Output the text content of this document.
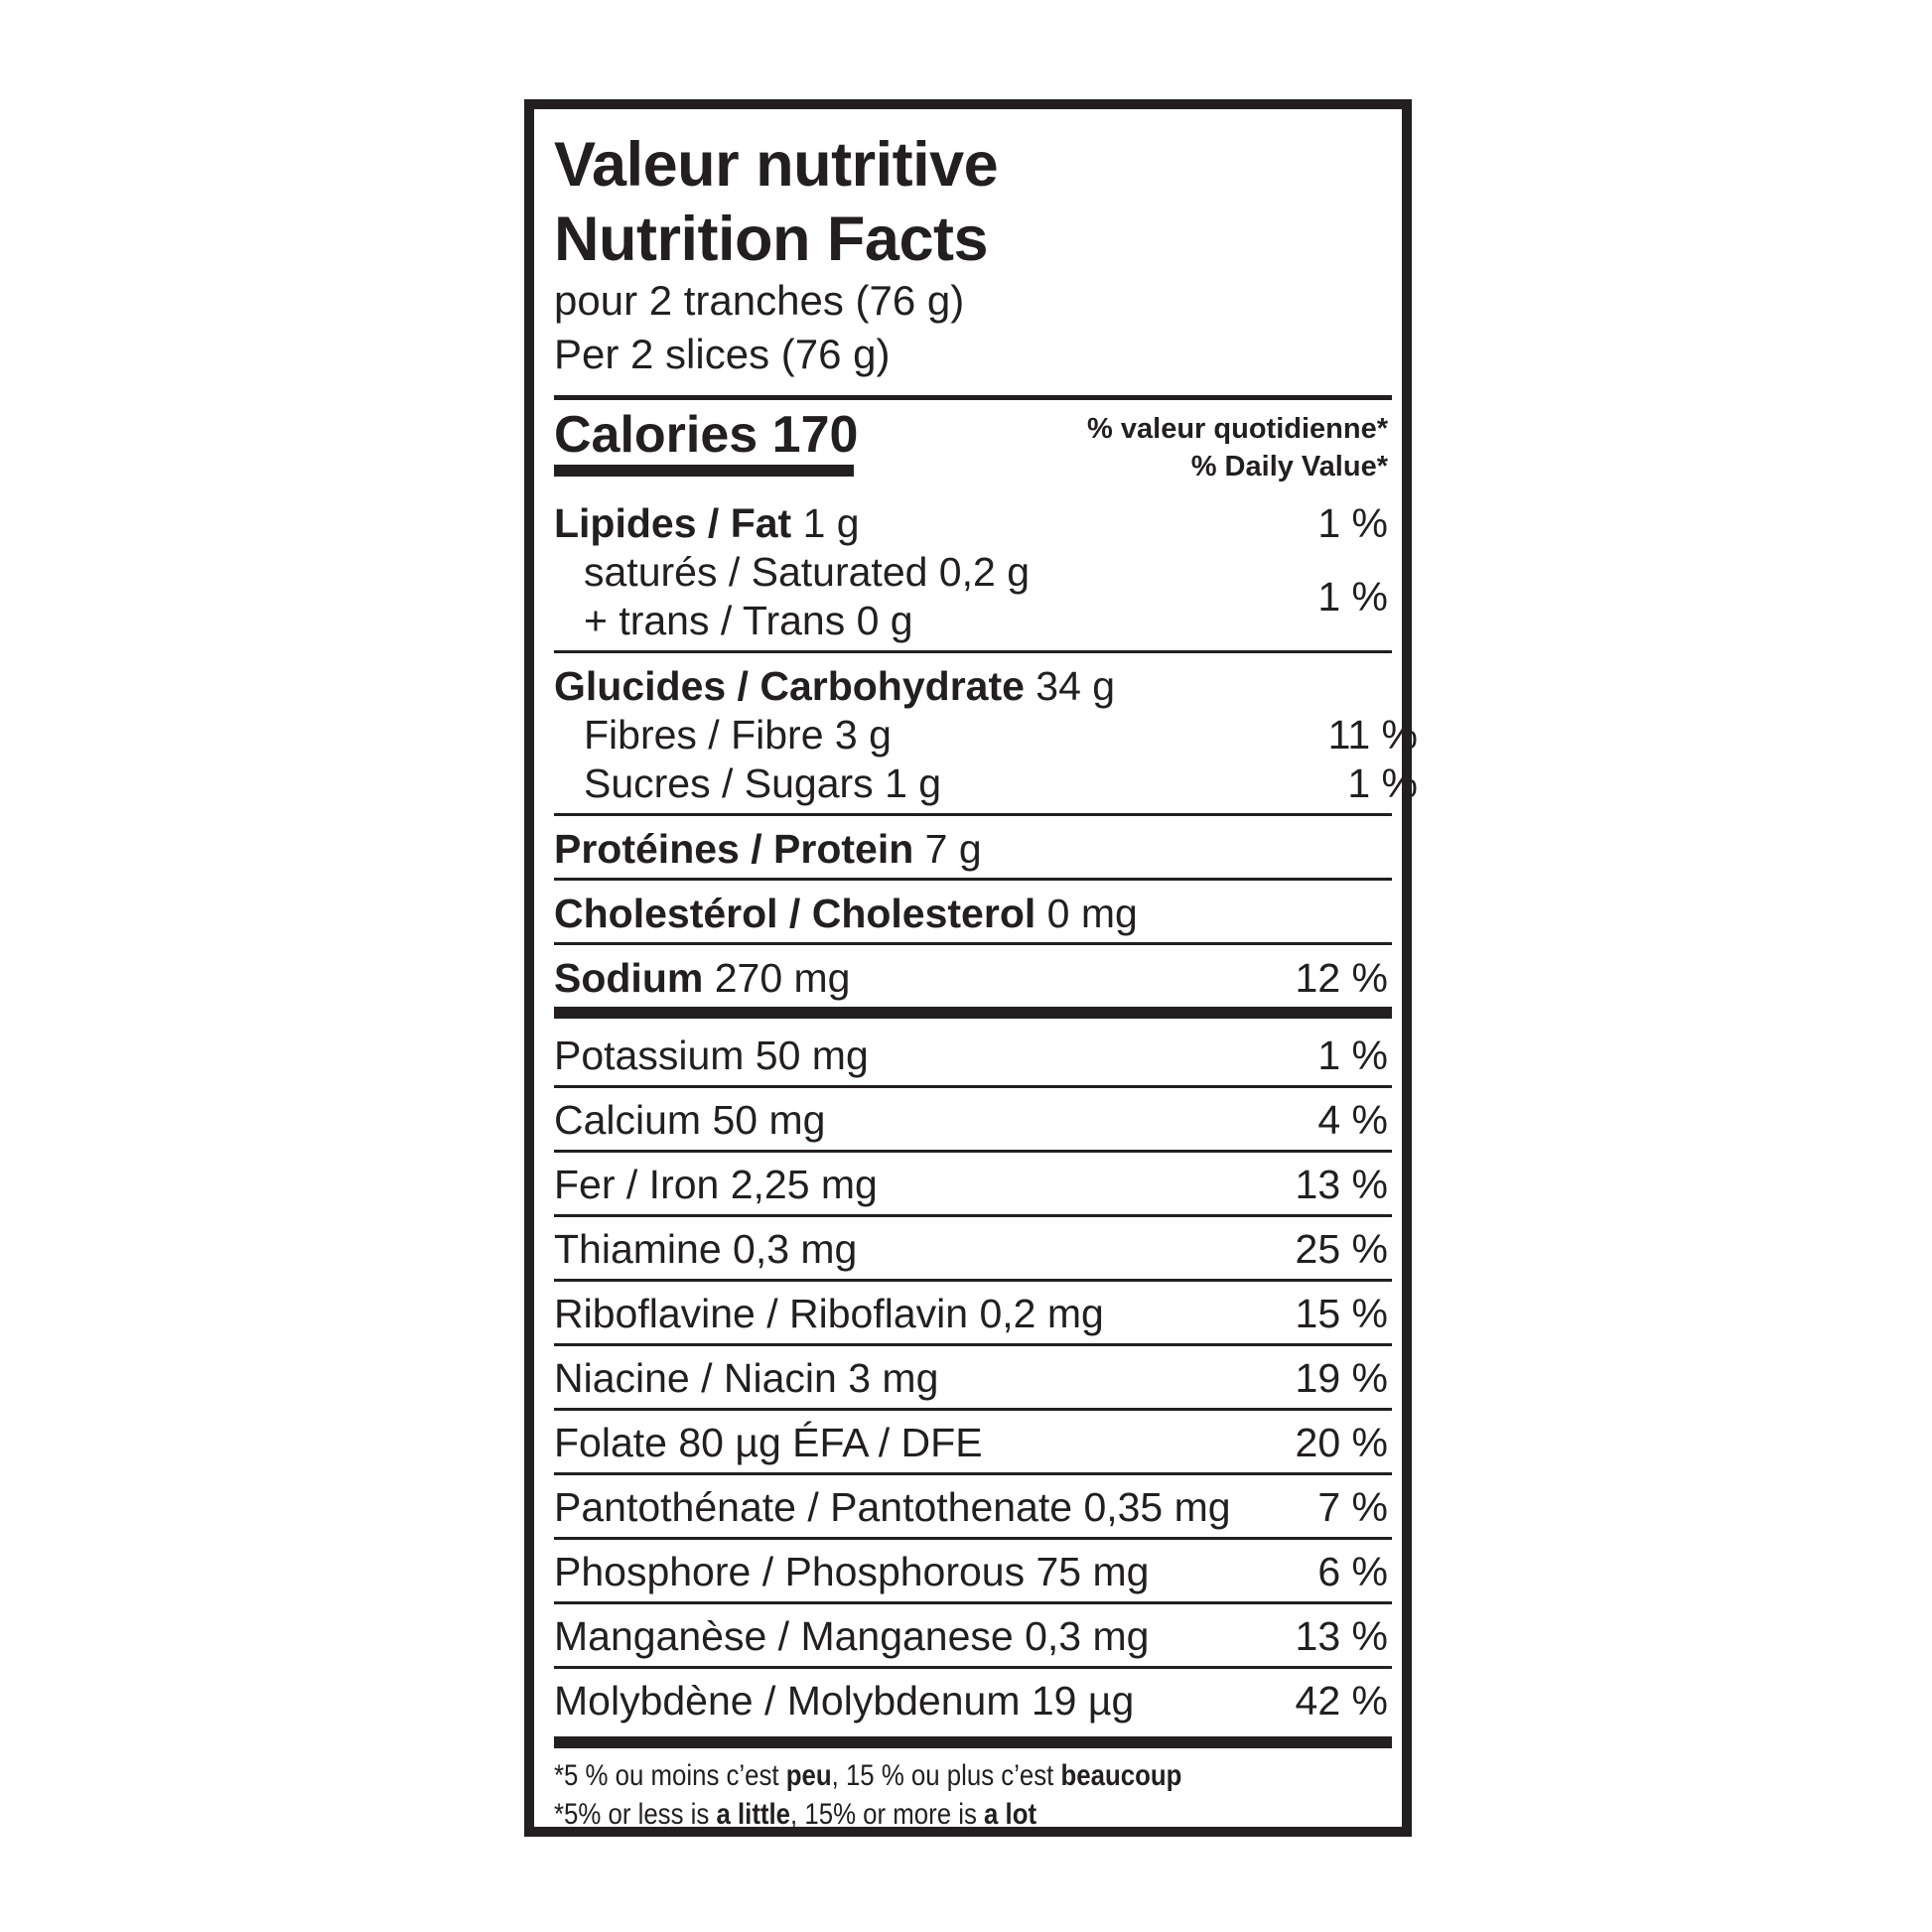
Valeur nutritive
Nutrition Facts
pour 2 tranches (76 g)
Per 2 slices (76 g)
Calories 170	% valeur quotidienne*
% Daily Value*
Lipides / Fat 1 g	1 %
saturés / Saturated 0,2 g
+ trans / Trans 0 g
1 %
Glucides / Carbohydrate 34 g
Fibres / Fibre 3 g	11 %
Sucres / Sugars 1 g	1 %
Protéines / Protein 7 g
Cholestérol / Cholesterol 0 mg
Sodium 270 mg	12 %
Potassium 50 mg	1 %
Calcium 50 mg	4 %
Fer / Iron 2,25 mg	13 %
Thiamine 0,3 mg	25 %
Riboflavine / Riboflavin 0,2 mg	15 %
Niacine / Niacin 3 mg	19 %
Folate 80 µg ÉFA / DFE	20 %
Pantothénate / Pantothenate 0,35 mg 7 %
Phosphore / Phosphorous 75 mg	6 %
Manganèse / Manganese 0,3 mg	13 %
Molybdène / Molybdenum 19 µg	42 %
*5 % ou moins c’est peu, 15 % ou plus c’est beaucoup
*5% or less is a little, 15% or more is a lot
